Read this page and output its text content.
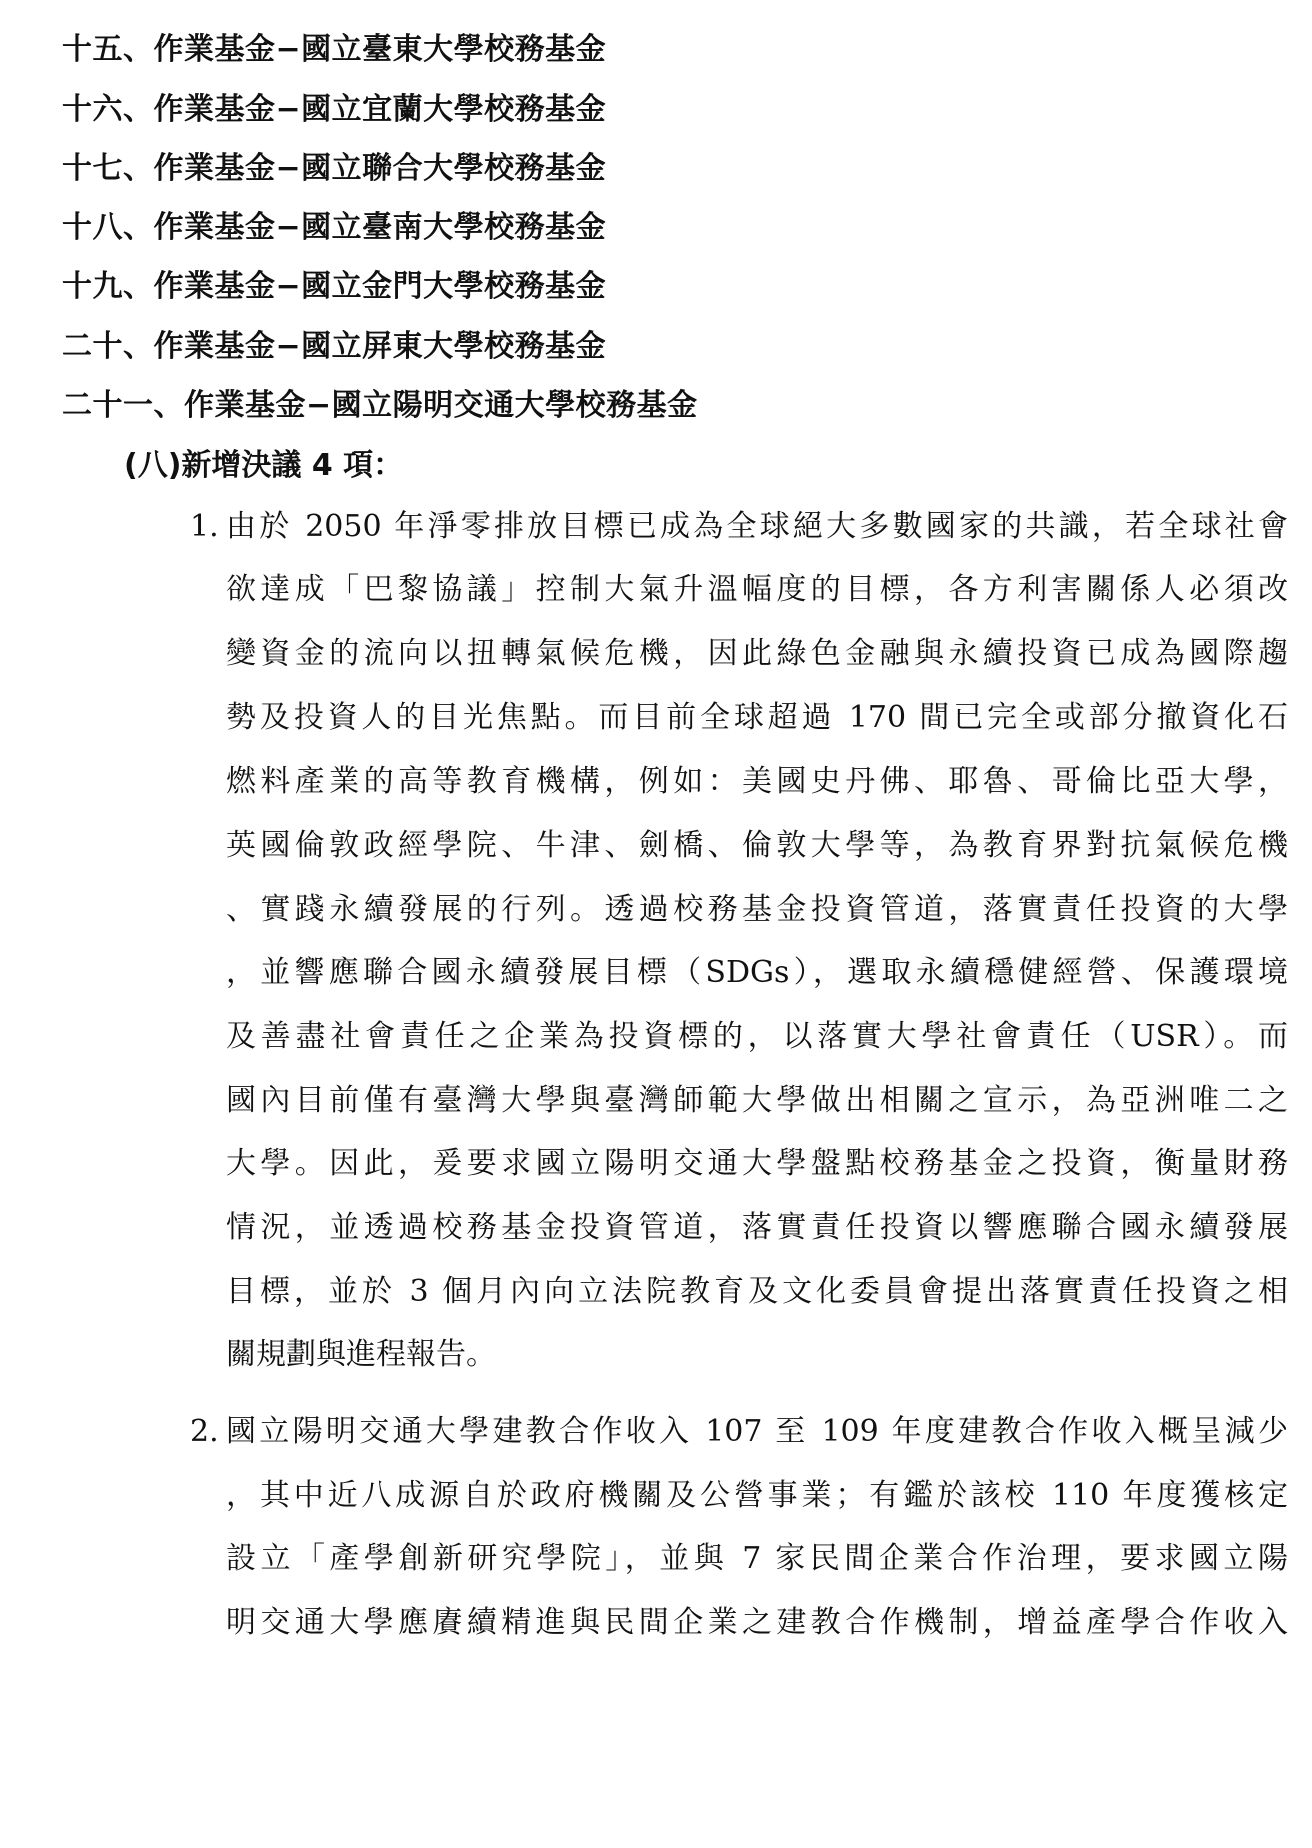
十五、作業基金−國立臺東大學校務基金
十六、作業基金−國立宜蘭大學校務基金
十七、作業基金−國立聯合大學校務基金
十八、作業基金−國立臺南大學校務基金
十九、作業基金−國立金門大學校務基金
二十、作業基金−國立屏東大學校務基金
二十一、作業基金−國立陽明交通大學校務基金
(八)新增決議 4 項：
1. 由於 2050 年淨零排放目標已成為全球絕大多數國家的共識，若全球社會
欲達成「巴黎協議」控制大氣升溫幅度的目標，各方利害關係人必須改
變資金的流向以扭轉氣候危機，因此綠色金融與永續投資已成為國際趨
勢及投資人的目光焦點。而目前全球超過 170 間已完全或部分撤資化石
燃料產業的高等教育機構，例如：美國史丹佛、耶魯、哥倫比亞大學，
英國倫敦政經學院、牛津、劍橋、倫敦大學等，為教育界對抗氣候危機
、實踐永續發展的行列。透過校務基金投資管道，落實責任投資的大學
，並響應聯合國永續發展目標（SDGs），選取永續穩健經營、保護環境
及善盡社會責任之企業為投資標的，以落實大學社會責任（USR）。而
國內目前僅有臺灣大學與臺灣師範大學做出相關之宣示，為亞洲唯二之
大學。因此，爰要求國立陽明交通大學盤點校務基金之投資，衡量財務
情況，並透過校務基金投資管道，落實責任投資以響應聯合國永續發展
目標，並於 3 個月內向立法院教育及文化委員會提出落實責任投資之相
關規劃與進程報告。
2. 國立陽明交通大學建教合作收入 107 至 109 年度建教合作收入概呈減少
，其中近八成源自於政府機關及公營事業；有鑑於該校 110 年度獲核定
設立「產學創新研究學院」，並與 7 家民間企業合作治理，要求國立陽
明交通大學應賡續精進與民間企業之建教合作機制，增益產學合作收入
